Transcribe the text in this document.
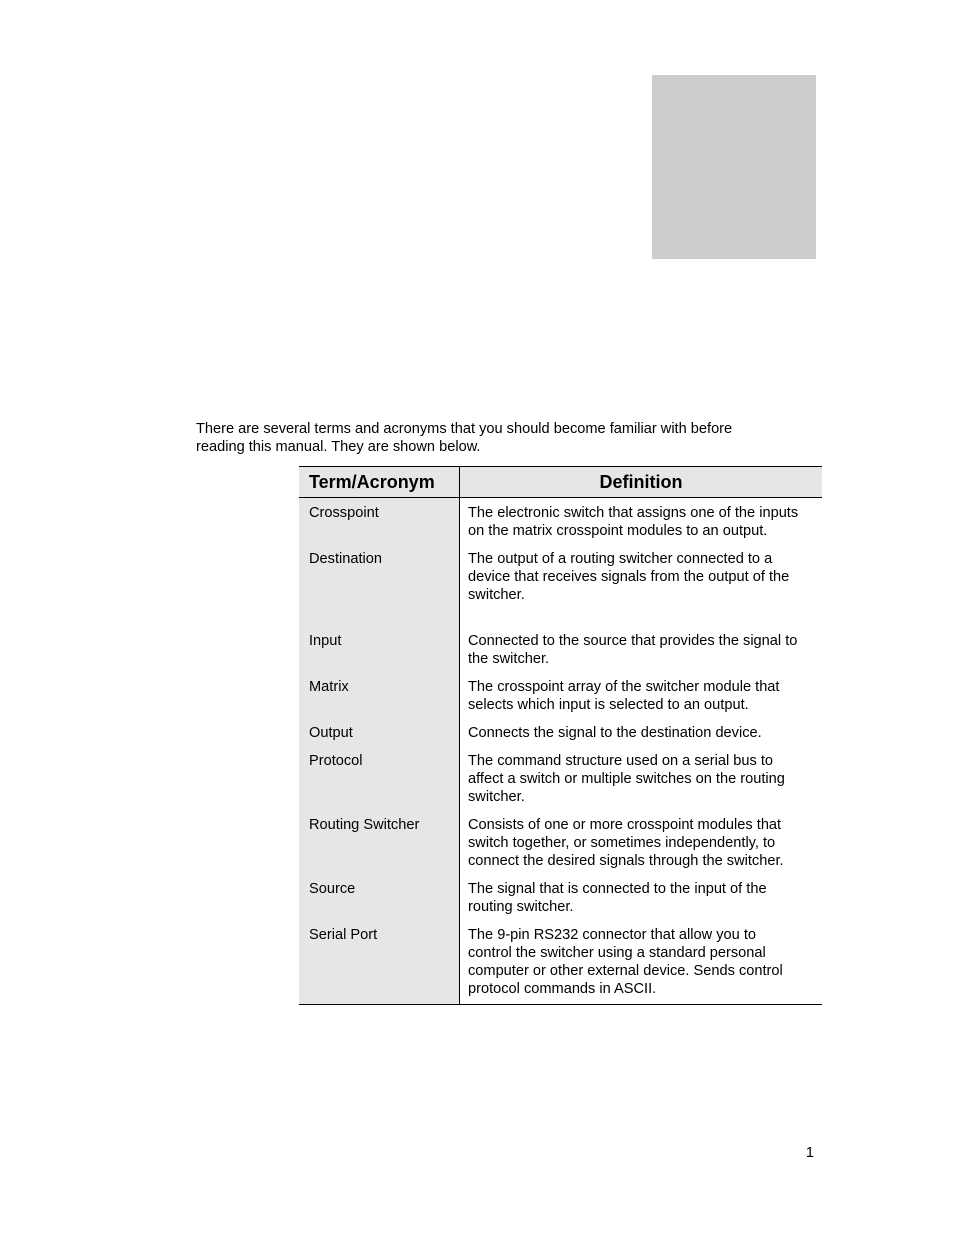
There are several terms and acronyms that you should become familiar with before

reading this manual. They are shown below.

Term/Acronym	Definition
Crosspoint	The electronic switch that assigns one of the inputs
on the matrix crosspoint modules to an output.

Destination	The output of a routing switcher connected to a
device that receives signals from the output of the
switcher.

Input	Connected to the source that provides the signal to
the switcher.

Matrix	The crosspoint array of the switcher module that
selects which input is selected to an output.

Output	Connects the signal to the destination device.

Protocol	The command structure used on a serial bus to
affect a switch or multiple switches on the routing
switcher.

Routing Switcher	Consists of one or more crosspoint modules that
switch together, or sometimes independently, to
connect the desired signals through the switcher.

Source	The signal that is connected to the input of the
routing switcher.

Serial Port	The 9-pin RS232 connector that allow you to
control the switcher using a standard personal
computer or other external device. Sends control
protocol commands in ASCII.
1
